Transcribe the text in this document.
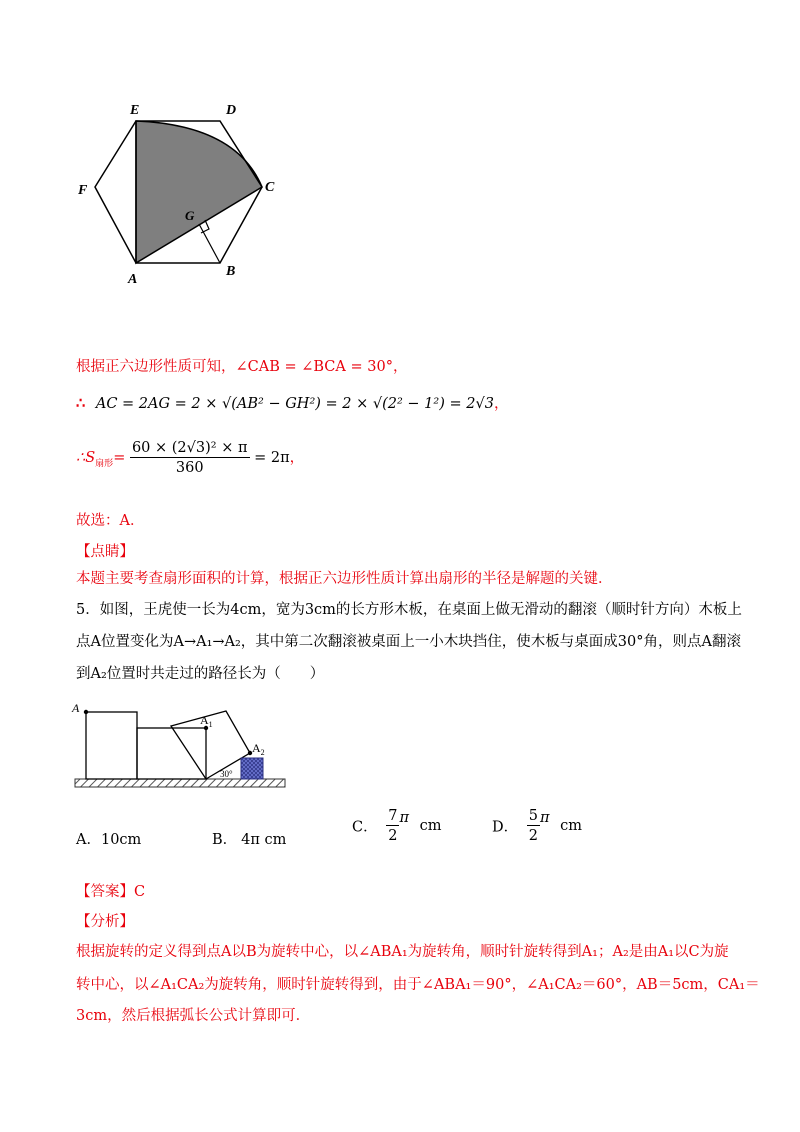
E	D
F	C
G
A
B
根据正六边形性质可知，∠CAB = ∠BCA = 30°，
∴ AC = 2AG = 2 × √(AB² − GH²) = 2 × √(2² − 1²) = 2√3，
$\therefore S_{扇形}= \frac{\text{60 × (2√3)² × π}}{360} = 2\pi$，
故选：A．
【点睛】
本题主要考查扇形面积的计算，根据正六边形性质计算出扇形的半径是解题的关键．
5．如图，王虎使一长为4cm，宽为3cm的长方形木板，在桌面上做无滑动的翻滚（顺时针方向）木板上
点A位置变化为A→A₁→A₂，其中第二次翻滚被桌面上一小木块挡住，使木板与桌面成30°角，则点A翻滚
到A₂位置时共走过的路径长为（　　）
A
$A_1$
$A_2$
30°
A．10cm	B． 4π cm
C． $\frac{7}{2}$ π cm	D． $\frac{5}{2}$ π cm
【答案】C
【分析】
根据旋转的定义得到点A以B为旋转中心，以∠ABA₁为旋转角，顺时针旋转得到A₁；A₂是由A₁以C为旋
转中心，以∠A₁CA₂为旋转角，顺时针旋转得到，由于∠ABA₁＝90°，∠A₁CA₂＝60°，AB＝5cm，CA₁＝
3cm，然后根据弧长公式计算即可．
